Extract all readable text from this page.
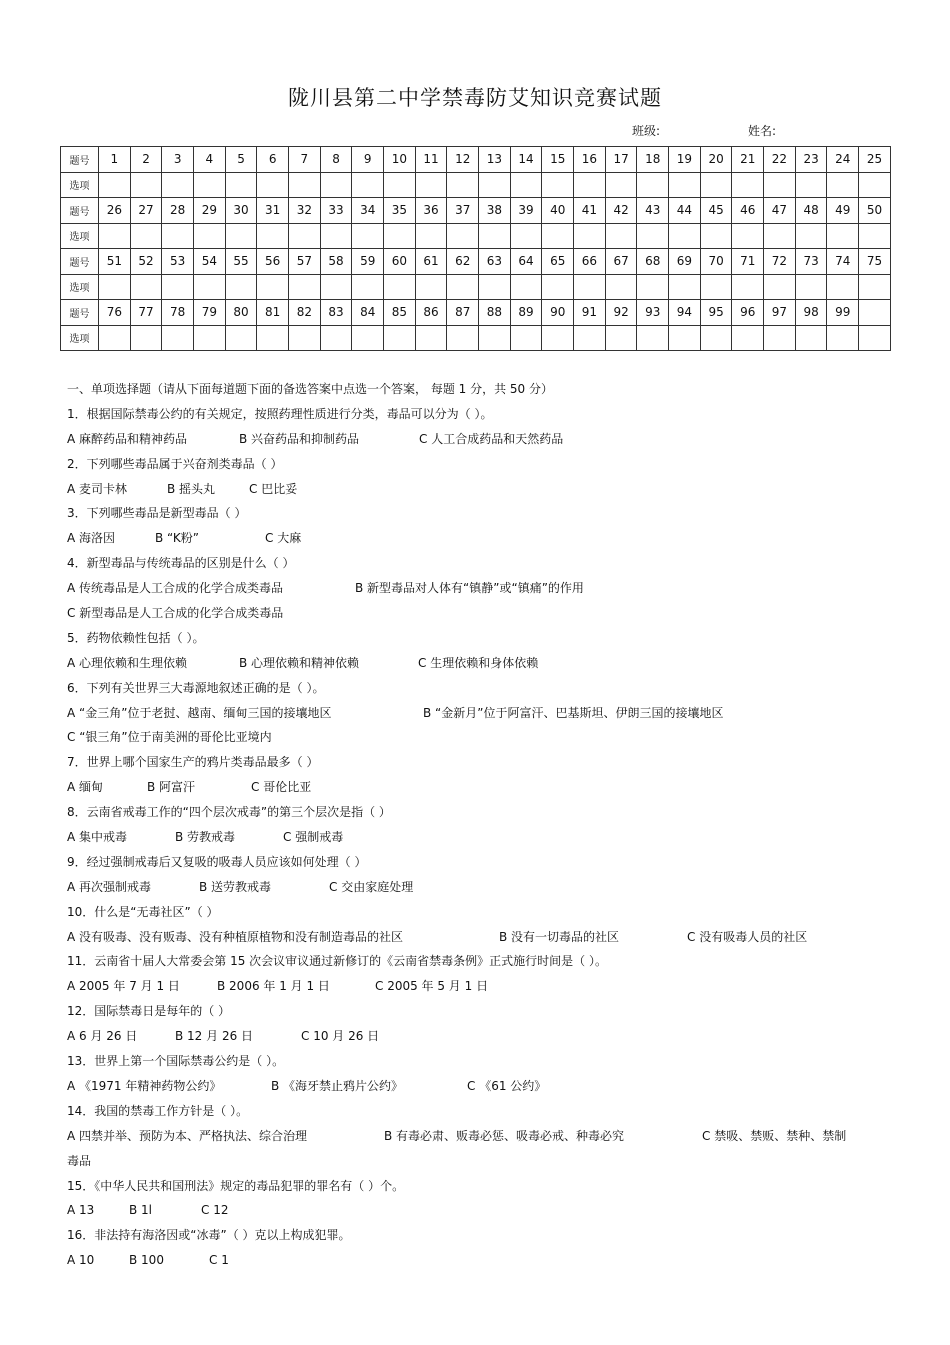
陇川县第二中学禁毒防艾知识竞赛试题
班级:	姓名:
题号	1	2	3	4	5	6	7	8	9	10	11	12	13	14	15	16	17	18	19	20	21	22	23	24	25
选项																									
题号	26	27	28	29	30	31	32	33	34	35	36	37	38	39	40	41	42	43	44	45	46	47	48	49	50
选项																									
题号	51	52	53	54	55	56	57	58	59	60	61	62	63	64	65	66	67	68	69	70	71	72	73	74	75
选项																									
题号	76	77	78	79	80	81	82	83	84	85	86	87	88	89	90	91	92	93	94	95	96	97	98	99	
选项																									
一、单项选择题（请从下面每道题下面的备选答案中点选一个答案， 每题 1 分，共 50 分）
1．根据国际禁毒公约的有关规定，按照药理性质进行分类，毒品可以分为（ ）。
A 麻醉药品和精神药品	B 兴奋药品和抑制药品	C 人工合成药品和天然药品
2．下列哪些毒品属于兴奋剂类毒品（ ）
A 麦司卡林	B 摇头丸	C 巴比妥
3．下列哪些毒品是新型毒品（ ）
A 海洛因	B “K粉”	C 大麻
4．新型毒品与传统毒品的区别是什么（ ）
A 传统毒品是人工合成的化学合成类毒品	B 新型毒品对人体有“镇静”或“镇痛”的作用
C 新型毒品是人工合成的化学合成类毒品
5．药物依赖性包括（ ）。
A 心理依赖和生理依赖	B 心理依赖和精神依赖	C 生理依赖和身体依赖
6．下列有关世界三大毒源地叙述正确的是（ ）。
A “金三角”位于老挝、越南、缅甸三国的接壤地区	B “金新月”位于阿富汗、巴基斯坦、伊朗三国的接壤地区
C “银三角”位于南美洲的哥伦比亚境内
7．世界上哪个国家生产的鸦片类毒品最多（ ）
A 缅甸	B 阿富汗	C 哥伦比亚
8．云南省戒毒工作的“四个层次戒毒”的第三个层次是指（ ）
A 集中戒毒	B 劳教戒毒	C 强制戒毒
9．经过强制戒毒后又复吸的吸毒人员应该如何处理（ ）
A 再次强制戒毒	B 送劳教戒毒	C 交由家庭处理
10．什么是“无毒社区”（ ）
A 没有吸毒、没有贩毒、没有种植原植物和没有制造毒品的社区	B 没有一切毒品的社区	C 没有吸毒人员的社区
11．云南省十届人大常委会第 15 次会议审议通过新修订的《云南省禁毒条例》正式施行时间是（ ）。
A 2005 年 7 月 1 日	B 2006 年 1 月 1 日	C 2005 年 5 月 1 日
12．国际禁毒日是每年的（ ）
A 6 月 26 日	B 12 月 26 日	C 10 月 26 日
13．世界上第一个国际禁毒公约是（ ）。
A 《1971 年精神药物公约》	B 《海牙禁止鸦片公约》	C 《61 公约》
14．我国的禁毒工作方针是（ ）。
A 四禁并举、预防为本、严格执法、综合治理	B 有毒必肃、贩毒必惩、吸毒必戒、种毒必究	C 禁吸、禁贩、禁种、禁制
毒品
15．《中华人民共和国刑法》规定的毒品犯罪的罪名有（ ）个。
A 13	B 1l	C 12
16．非法持有海洛因或“冰毒”（ ）克以上构成犯罪。
A 10	B 100	C 1
